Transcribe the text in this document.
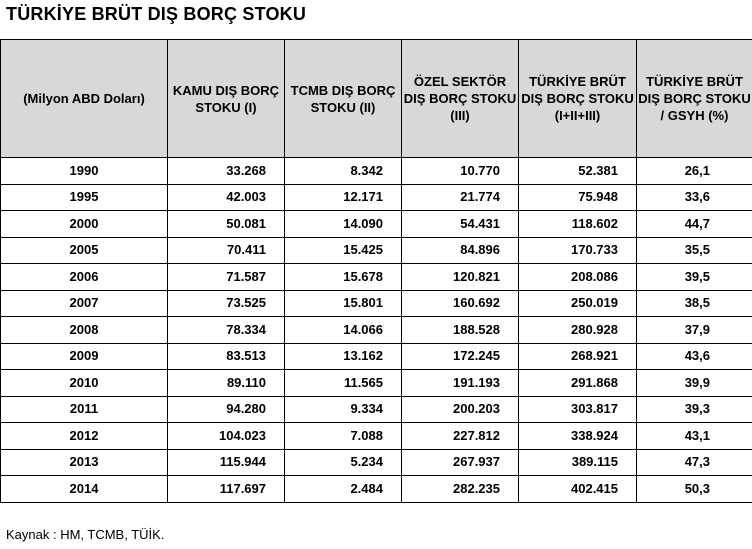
TÜRKİYE BRÜT DIŞ BORÇ STOKU
(Milyon ABD Doları)	KAMU DIŞ BORÇ STOKU (I)	TCMB DIŞ BORÇ STOKU (II)	ÖZEL SEKTÖR DIŞ BORÇ STOKU (III)	TÜRKİYE BRÜT DIŞ BORÇ STOKU (I+II+III)	TÜRKİYE BRÜT DIŞ BORÇ STOKU / GSYH (%)
1990	33.268	8.342	10.770	52.381	26,1
1995	42.003	12.171	21.774	75.948	33,6
2000	50.081	14.090	54.431	118.602	44,7
2005	70.411	15.425	84.896	170.733	35,5
2006	71.587	15.678	120.821	208.086	39,5
2007	73.525	15.801	160.692	250.019	38,5
2008	78.334	14.066	188.528	280.928	37,9
2009	83.513	13.162	172.245	268.921	43,6
2010	89.110	11.565	191.193	291.868	39,9
2011	94.280	9.334	200.203	303.817	39,3
2012	104.023	7.088	227.812	338.924	43,1
2013	115.944	5.234	267.937	389.115	47,3
2014	117.697	2.484	282.235	402.415	50,3
Kaynak : HM, TCMB, TÜİK.
